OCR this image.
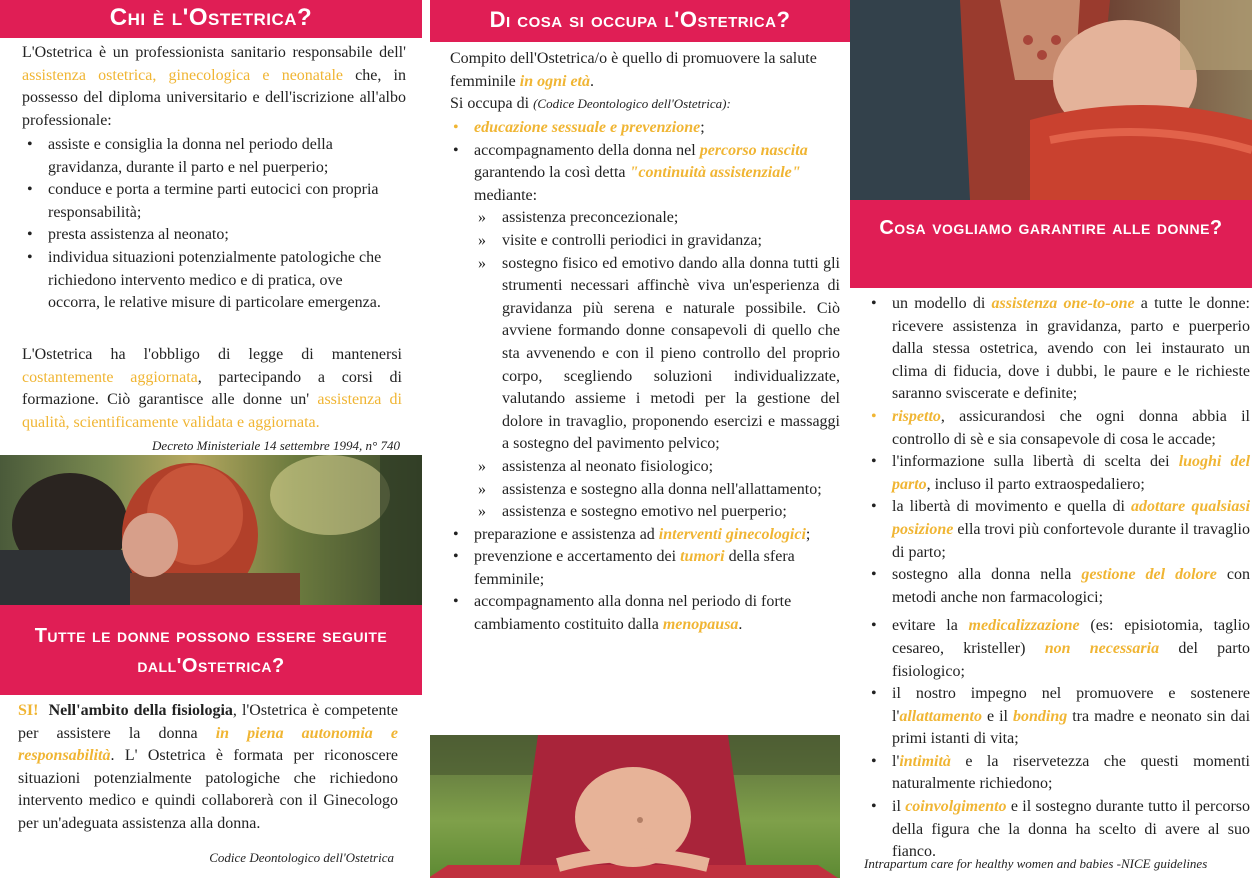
Chi è l'Ostetrica?
L'Ostetrica è un professionista sanitario responsabile dell' assistenza ostetrica, ginecologica e neonatale che, in possesso del diploma universitario e dell'iscrizione all'albo professionale:
• assiste e consiglia la donna nel periodo della gravidanza, durante il parto e nel puerperio;
• conduce e porta a termine parti eutocici con propria responsabilità;
• presta assistenza al neonato;
• individua situazioni potenzialmente patologiche che richiedono intervento medico e di pratica, ove occorra, le relative misure di particolare emergenza.
L'Ostetrica ha l'obbligo di legge di mantenersi costantemente aggiornata, partecipando a corsi di formazione. Ciò garantisce alle donne un' assistenza di qualità, scientificamente validata e aggiornata.
Decreto Ministeriale 14 settembre 1994, n° 740
Tutte le donne possono essere seguite dall'Ostetrica?
SI! Nell'ambito della fisiologia, l'Ostetrica è competente per assistere la donna in piena autonomia e responsabilità. L' Ostetrica è formata per riconoscere situazioni potenzialmente patologiche che richiedono intervento medico e quindi collaborerà con il Ginecologo per un'adeguata assistenza alla donna.
Codice Deontologico dell'Ostetrica
Di cosa si occupa l'Ostetrica?
Compito dell'Ostetrica/o è quello di promuovere la salute femminile in ogni età.
Si occupa di (Codice Deontologico dell'Ostetrica):
• educazione sessuale e prevenzione;
• accompagnamento della donna nel percorso nascita garantendo la così detta "continuità assistenziale" mediante:
» assistenza preconcezionale;
» visite e controlli periodici in gravidanza;
» sostegno fisico ed emotivo dando alla donna tutti gli strumenti necessari affinchè viva un'esperienza di gravidanza più serena e naturale possibile. Ciò avviene formando donne consapevoli di quello che sta avvenendo e con il pieno controllo del proprio corpo, scegliendo soluzioni individualizzate, valutando assieme i metodi per la gestione del dolore in travaglio, proponendo esercizi e massaggi a sostegno del pavimento pelvico;
» assistenza al neonato fisiologico;
» assistenza e sostegno alla donna nell'allattamento;
» assistenza e sostegno emotivo nel puerperio;
• preparazione e assistenza ad interventi ginecologici;
• prevenzione e accertamento dei tumori della sfera femminile;
• accompagnamento alla donna nel periodo di forte cambiamento costituito dalla menopausa.
Cosa vogliamo garantire alle donne?
• un modello di assistenza one-to-one a tutte le donne: ricevere assistenza in gravidanza, parto e puerperio dalla stessa ostetrica, avendo con lei instaurato un clima di fiducia, dove i dubbi, le paure e le richieste saranno sviscerate e definite;
• rispetto, assicurandosi che ogni donna abbia il controllo di sè e sia consapevole di cosa le accade;
• l'informazione sulla libertà di scelta dei luoghi del parto, incluso il parto extraospedaliero;
• la libertà di movimento e quella di adottare qualsiasi posizione ella trovi più confortevole durante il travaglio di parto;
• sostegno alla donna nella gestione del dolore con metodi anche non farmacologici;
• evitare la medicalizzazione (es: episiotomia, taglio cesareo, kristeller) non necessaria del parto fisiologico;
• il nostro impegno nel promuovere e sostenere l'allattamento e il bonding tra madre e neonato sin dai primi istanti di vita;
• l'intimità e la riservetezza che questi momenti naturalmente richiedono;
• il coinvolgimento e il sostegno durante tutto il percorso della figura che la donna ha scelto di avere al suo fianco.
Intrapartum care for healthy women and babies -NICE guidelines
